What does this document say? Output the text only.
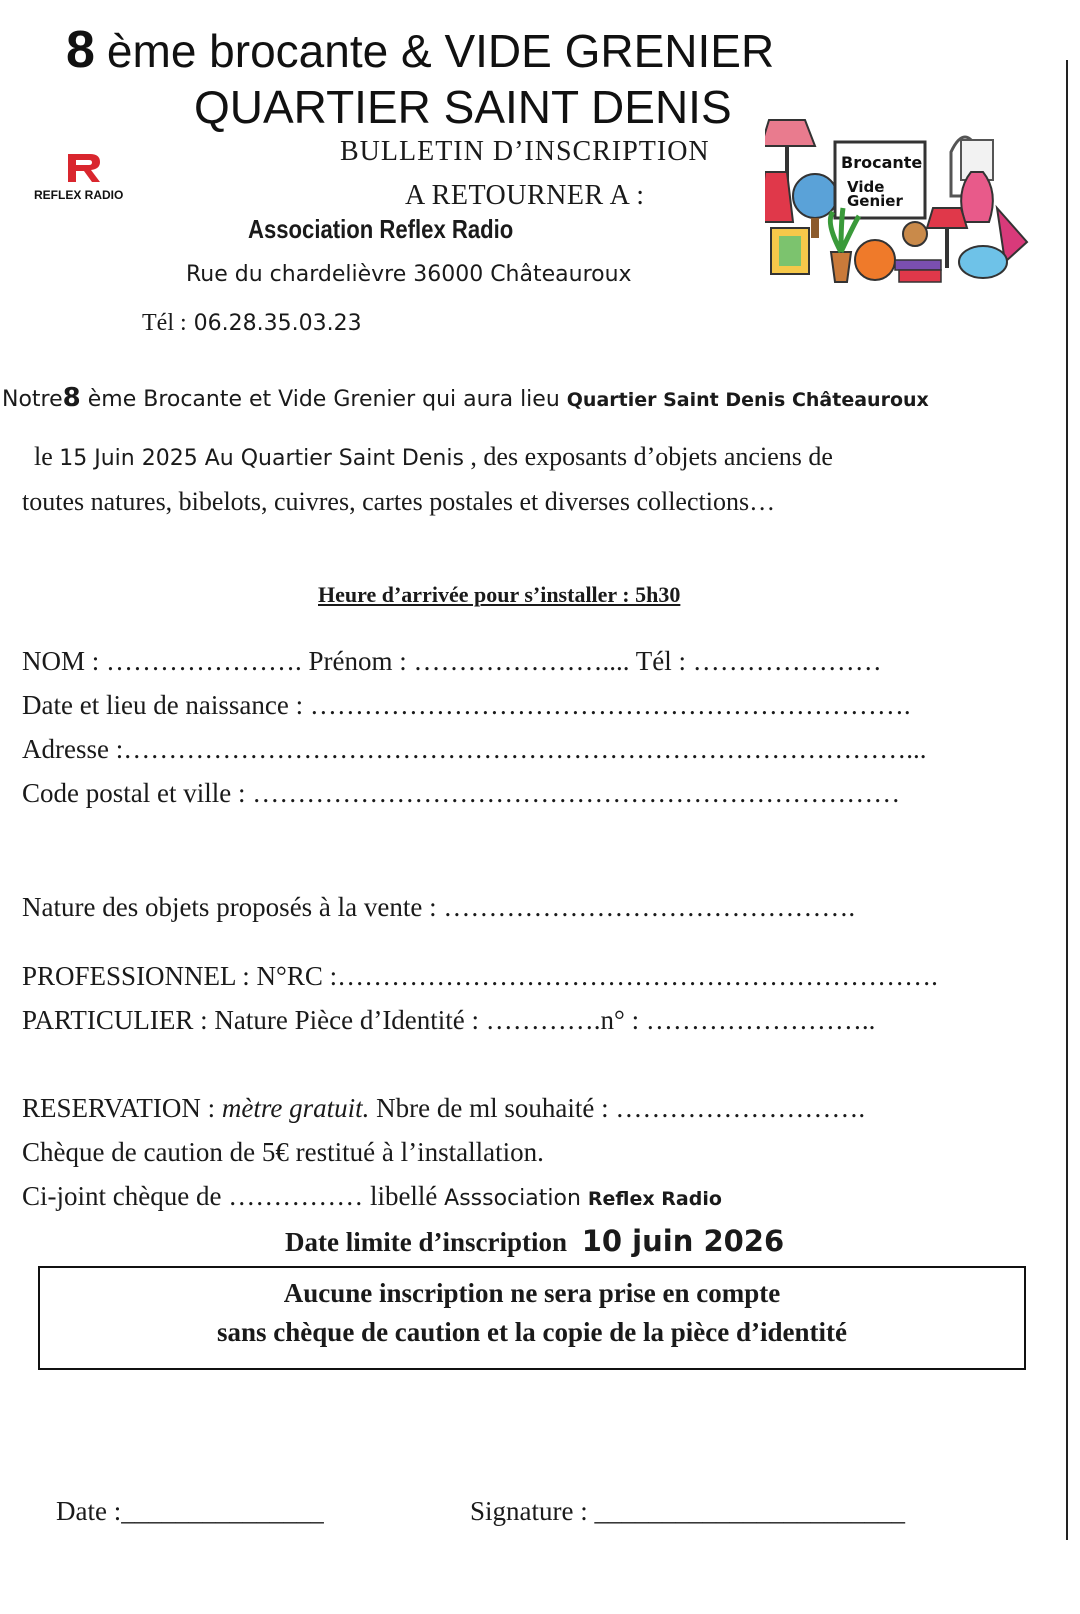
8 ème brocante & VIDE GRENIER
QUARTIER SAINT DENIS
REFLEX RADIO
BULLETIN D’INSCRIPTION
A RETOURNER A :
Association Reflex Radio
Rue du chardelièvre 36000 Châteauroux
Tél : 06.28.35.03.23
Brocante
Vide
Genier
Notre8 ème Brocante et Vide Grenier qui aura lieu Quartier Saint Denis Châteauroux
le 15 Juin 2025 Au Quartier Saint Denis , des exposants d’objets anciens de
toutes natures, bibelots, cuivres, cartes postales et diverses collections…
Heure d’arrivée pour s’installer : 5h30
NOM : …………………. Prénom : ………………….... Tél : …………………
Date et lieu de naissance : ………………………………………………………….
Adresse :……………………………………………………………………………...
Code postal et ville : ………………………………………………………………
Nature des objets proposés à la vente : ……………………………………….
PROFESSIONNEL : N°RC :………………………………………………………….
PARTICULIER : Nature Pièce d’Identité : ………….n° : ……………………..
RESERVATION : mètre gratuit. Nbre de ml souhaité : ……………………….
Chèque de caution de 5€ restitué à l’installation.
Ci-joint chèque de …………… libellé Asssociation Reflex Radio
Date limite d’inscription 10 juin 2026
Aucune inscription ne sera prise en compte
sans chèque de caution et la copie de la pièce d’identité
Date :_______________	Signature : _______________________
